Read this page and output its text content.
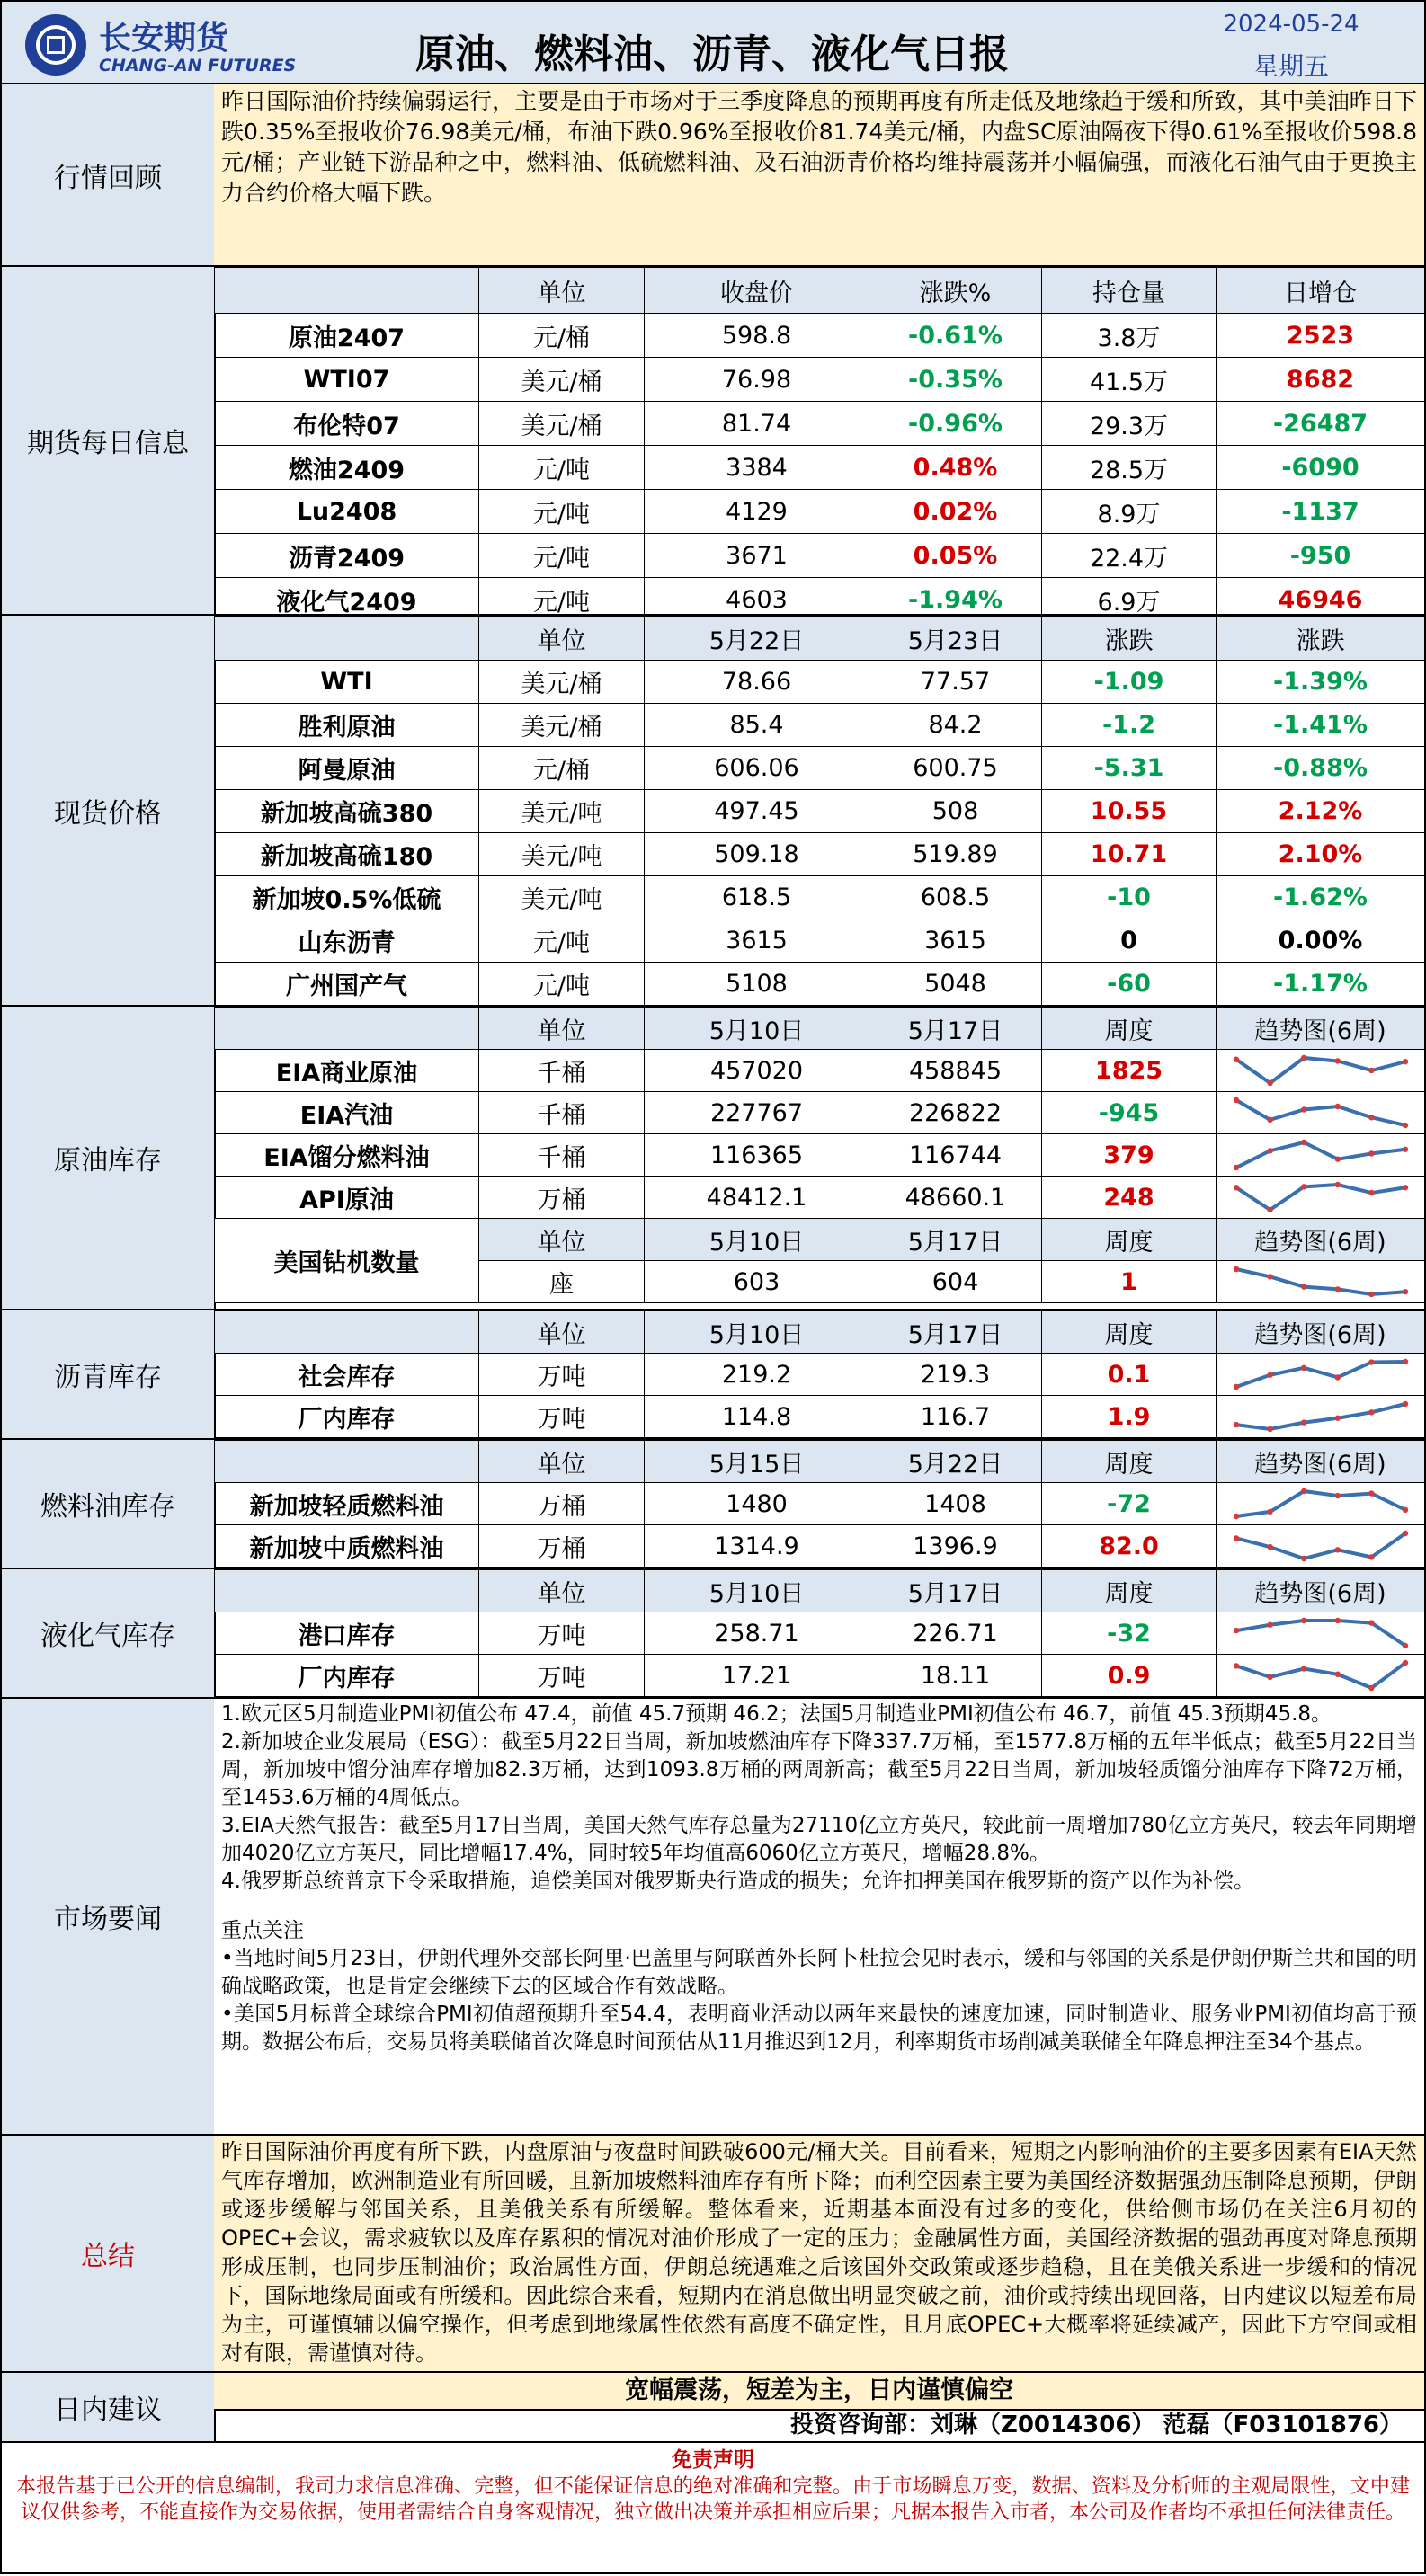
长安期货
CHANG-AN FUTURES	原油、燃料油、沥青、液化气日报
2024-05-24
星期五
行情回顾
昨日国际油价持续偏弱运行，主要是由于市场对于三季度降息的预期再度有所走低及地缘趋于缓和所致，其中美油昨日下跌0.35%至报收价76.98美元/桶，布油下跌0.96%至报收价81.74美元/桶，内盘SC原油隔夜下得0.61%至报收价598.8元/桶；产业链下游品种之中，燃料油、低硫燃料油、及石油沥青价格均维持震荡并小幅偏强，而液化石油气由于更换主力合约价格大幅下跌。
期货每日信息
	单位	收盘价	涨跌%	持仓量	日增仓
原油2407	元/桶	598.8	-0.61%	3.8万	2523
WTI07	美元/桶	76.98	-0.35%	41.5万	8682
布伦特07	美元/桶	81.74	-0.96%	29.3万	-26487
燃油2409	元/吨	3384	0.48%	28.5万	-6090
Lu2408	元/吨	4129	0.02%	8.9万	-1137
沥青2409	元/吨	3671	0.05%	22.4万	-950
液化气2409	元/吨	4603	-1.94%	6.9万	46946
现货价格
	单位	5月22日	5月23日	涨跌	涨跌
WTI	美元/桶	78.66	77.57	-1.09	-1.39%
胜利原油	美元/桶	85.4	84.2	-1.2	-1.41%
阿曼原油	元/桶	606.06	600.75	-5.31	-0.88%
新加坡高硫380	美元/吨	497.45	508	10.55	2.12%
新加坡高硫180	美元/吨	509.18	519.89	10.71	2.10%
新加坡0.5%低硫	美元/吨	618.5	608.5	-10	-1.62%
山东沥青	元/吨	3615	3615	0	0.00%
广州国产气	元/吨	5108	5048	-60	-1.17%
原油库存
	单位	5月10日	5月17日	周度	趋势图(6周)
EIA商业原油	千桶	457020	458845	1825	

EIA汽油	千桶	227767	226822	-945	

EIA馏分燃料油	千桶	116365	116744	379	

API原油	万桶	48412.1	48660.1	248	

美国钻机数量	单位	5月10日	5月17日	周度	趋势图(6周)
	座	603	604	1	
沥青库存
	单位	5月10日	5月17日	周度	趋势图(6周)
社会库存	万吨	219.2	219.3	0.1	

厂内库存	万吨	114.8	116.7	1.9	
燃料油库存
	单位	5月15日	5月22日	周度	趋势图(6周)
新加坡轻质燃料油	万桶	1480	1408	-72	

新加坡中质燃料油	万桶	1314.9	1396.9	82.0	
液化气库存
	单位	5月10日	5月17日	周度	趋势图(6周)
港口库存	万吨	258.71	226.71	-32	

厂内库存	万吨	17.21	18.11	0.9	
市场要闻
1.欧元区5月制造业PMI初值公布 47.4，前值 45.7预期 46.2；法国5月制造业PMI初值公布 46.7，前值 45.3预期45.8。
2.新加坡企业发展局（ESG）：截至5月22日当周，新加坡燃油库存下降337.7万桶，至1577.8万桶的五年半低点；截至5月22日当周，新加坡中馏分油库存增加82.3万桶，达到1093.8万桶的两周新高；截至5月22日当周，新加坡轻质馏分油库存下降72万桶，至1453.6万桶的4周低点。
3.EIA天然气报告：截至5月17日当周，美国天然气库存总量为27110亿立方英尺，较此前一周增加780亿立方英尺，较去年同期增加4020亿立方英尺，同比增幅17.4%，同时较5年均值高6060亿立方英尺，增幅28.8%。
4.俄罗斯总统普京下令采取措施，追偿美国对俄罗斯央行造成的损失；允许扣押美国在俄罗斯的资产以作为补偿。
重点关注
•当地时间5月23日，伊朗代理外交部长阿里·巴盖里与阿联酋外长阿卜杜拉会见时表示，缓和与邻国的关系是伊朗伊斯兰共和国的明确战略政策，也是肯定会继续下去的区域合作有效战略。
•美国5月标普全球综合PMI初值超预期升至54.4，表明商业活动以两年来最快的速度加速，同时制造业、服务业PMI初值均高于预期。数据公布后，交易员将美联储首次降息时间预估从11月推迟到12月，利率期货市场削减美联储全年降息押注至34个基点。
总结
昨日国际油价再度有所下跌，内盘原油与夜盘时间跌破600元/桶大关。目前看来，短期之内影响油价的主要多因素有EIA天然气库存增加，欧洲制造业有所回暖，且新加坡燃料油库存有所下降；而利空因素主要为美国经济数据强劲压制降息预期，伊朗或逐步缓解与邻国关系，且美俄关系有所缓解。整体看来，近期基本面没有过多的变化，供给侧市场仍在关注6月初的OPEC+会议，需求疲软以及库存累积的情况对油价形成了一定的压力；金融属性方面，美国经济数据的强劲再度对降息预期形成压制，也同步压制油价；政治属性方面，伊朗总统遇难之后该国外交政策或逐步趋稳，且在美俄关系进一步缓和的情况下，国际地缘局面或有所缓和。因此综合来看，短期内在消息做出明显突破之前，油价或持续出现回落，日内建议以短差布局为主，可谨慎辅以偏空操作，但考虑到地缘属性依然有高度不确定性，且月底OPEC+大概率将延续减产，因此下方空间或相对有限，需谨慎对待。
日内建议
宽幅震荡，短差为主，日内谨慎偏空
投资咨询部：刘琳（Z0014306） 范磊（F03101876）
免责声明
本报告基于已公开的信息编制，我司力求信息准确、完整，但不能保证信息的绝对准确和完整。由于市场瞬息万变，数据、资料及分析师的主观局限性，文中建议仅供参考，不能直接作为交易依据，使用者需结合自身客观情况，独立做出决策并承担相应后果；凡据本报告入市者，本公司及作者均不承担任何法律责任。
